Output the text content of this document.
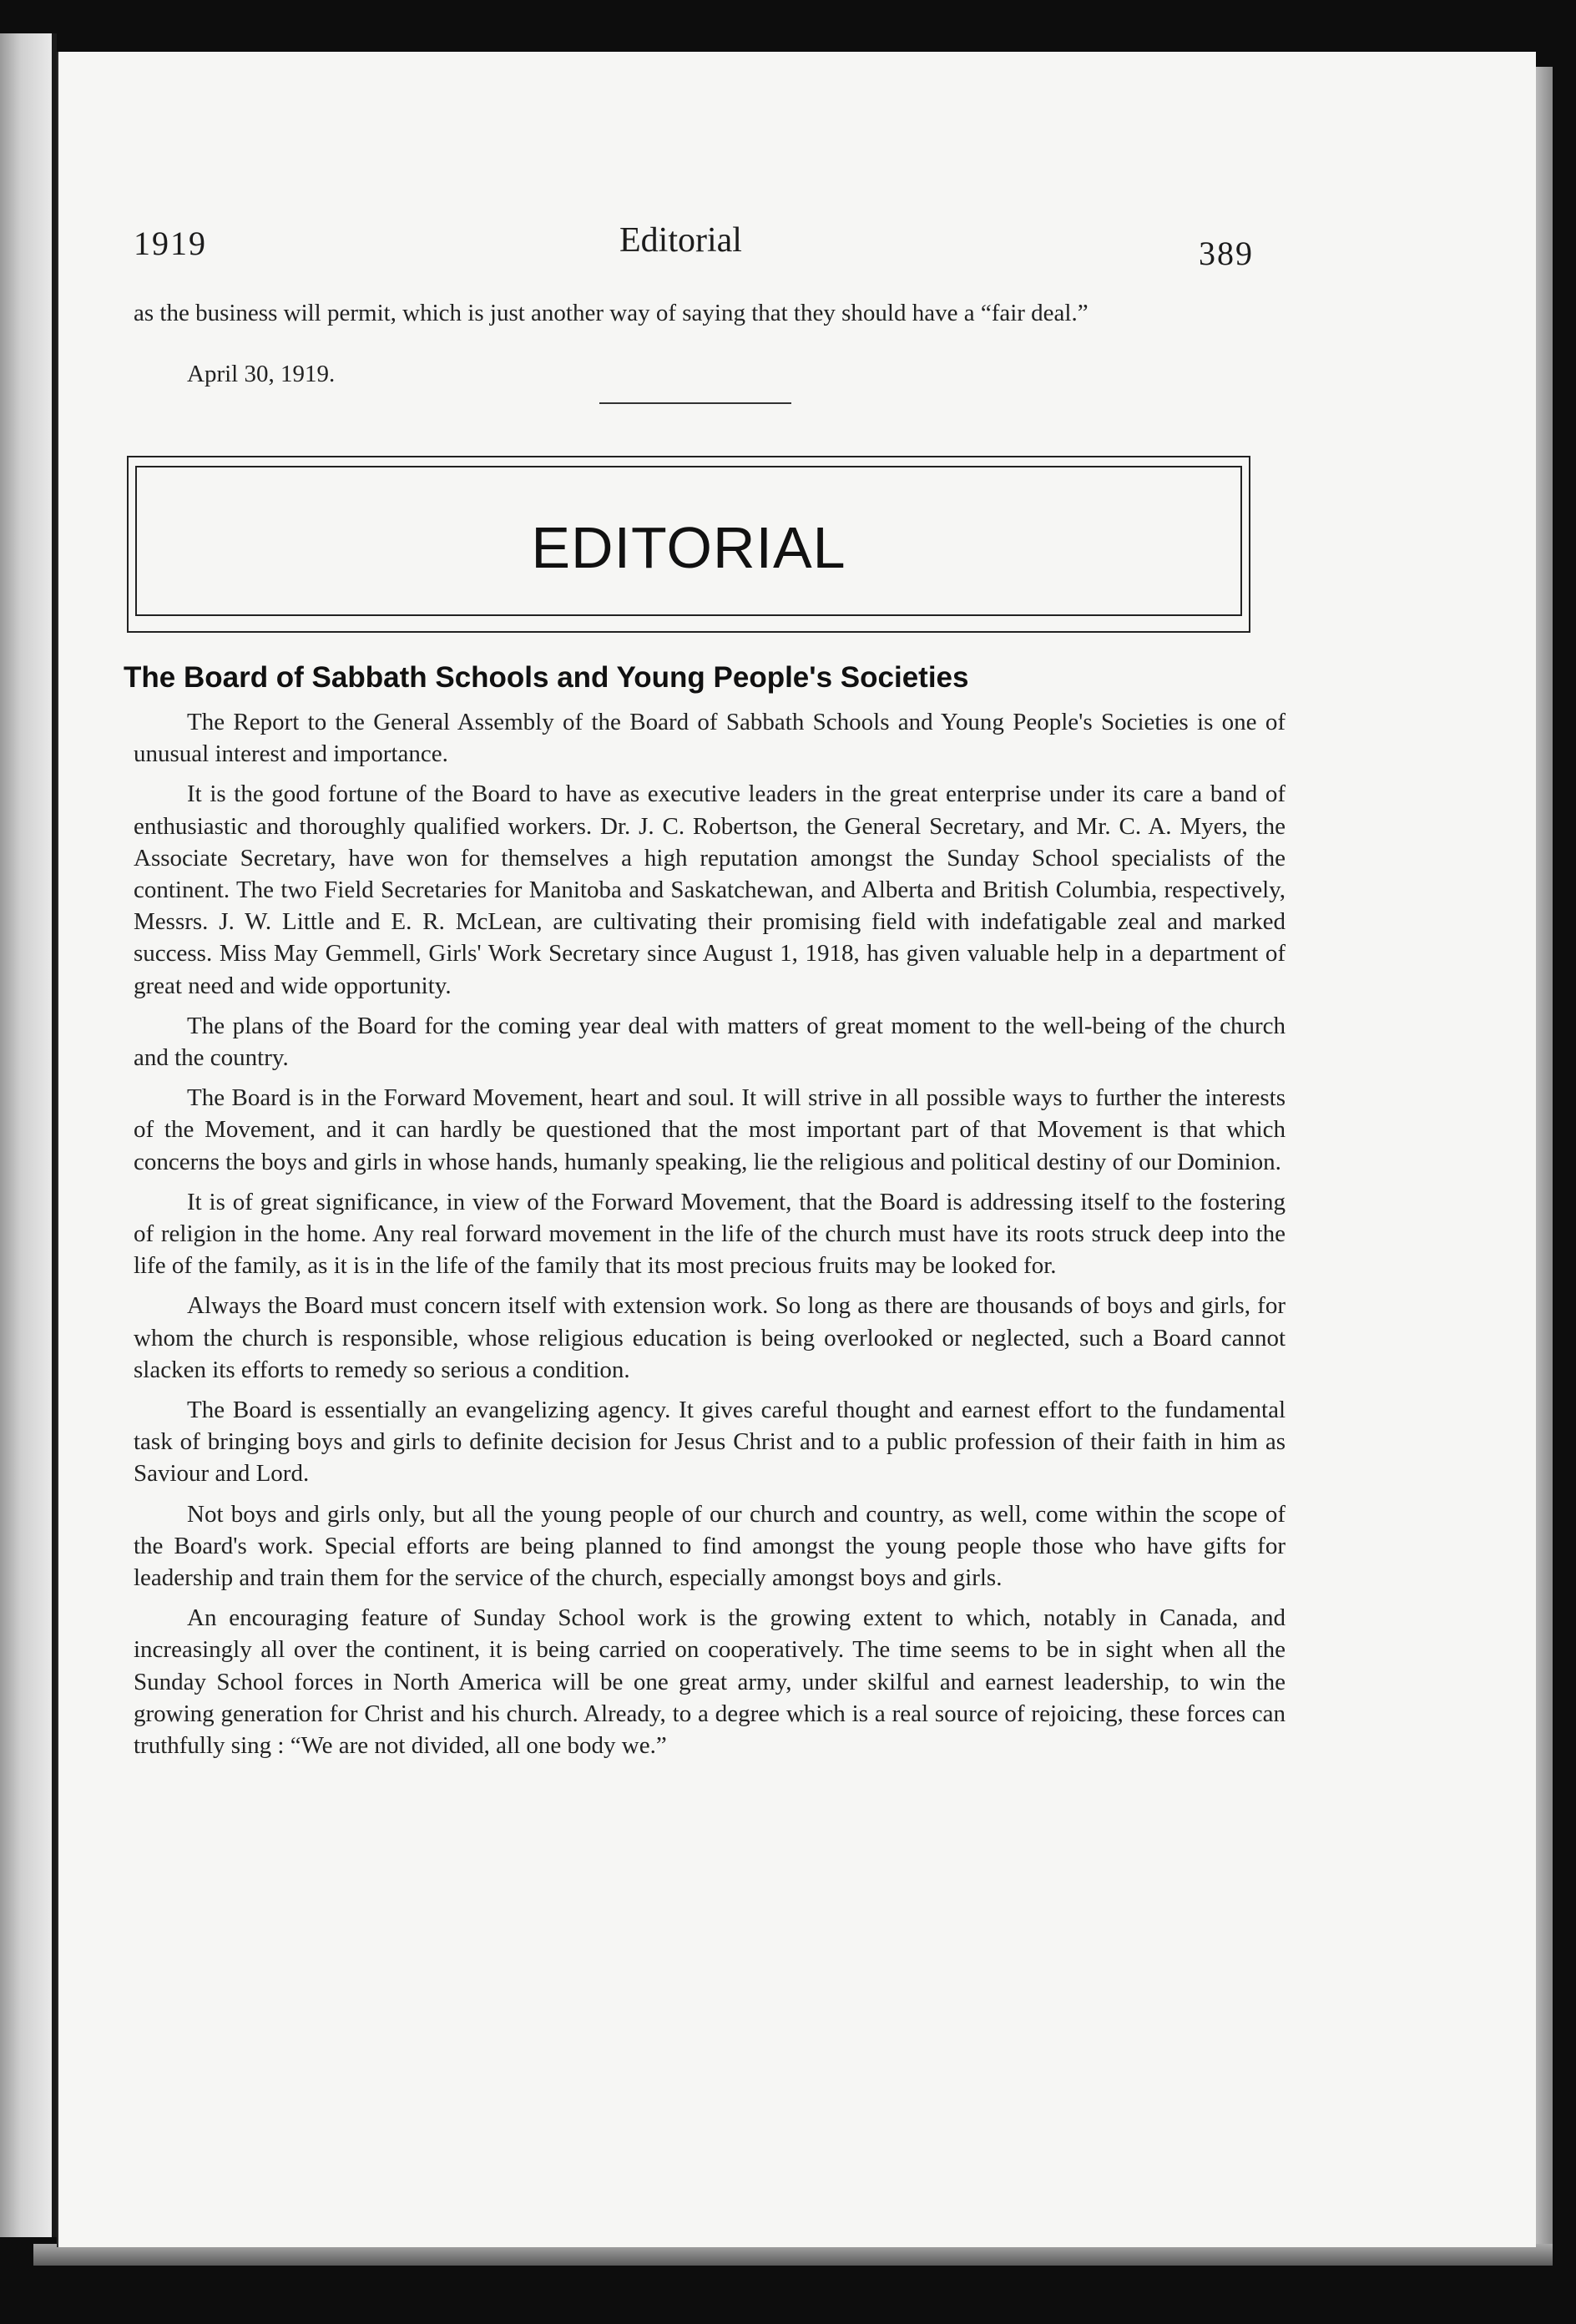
1919	Editorial	389
as the business will permit, which is just another way of saying that they should have a “fair deal.”
April 30, 1919.
EDITORIAL
The Board of Sabbath Schools and Young People's Societies

The Report to the General Assembly of the Board of Sabbath Schools and Young People's Societies is one of unusual interest and importance.

It is the good fortune of the Board to have as executive leaders in the great enterprise under its care a band of enthusiastic and thoroughly qualified workers. Dr. J. C. Robertson, the General Secretary, and Mr. C. A. Myers, the Associate Secretary, have won for themselves a high reputation amongst the Sunday School specialists of the continent. The two Field Secretaries for Manitoba and Saskatchewan, and Alberta and British Columbia, respectively, Messrs. J. W. Little and E. R. McLean, are cultivating their promising field with indefatigable zeal and marked success. Miss May Gemmell, Girls' Work Secretary since August 1, 1918, has given valuable help in a department of great need and wide opportunity.

The plans of the Board for the coming year deal with matters of great moment to the well-being of the church and the country.

The Board is in the Forward Movement, heart and soul. It will strive in all possible ways to further the interests of the Movement, and it can hardly be questioned that the most important part of that Movement is that which concerns the boys and girls in whose hands, humanly speaking, lie the religious and political destiny of our Dominion.

It is of great significance, in view of the Forward Movement, that the Board is addressing itself to the fostering of religion in the home. Any real forward movement in the life of the church must have its roots struck deep into the life of the family, as it is in the life of the family that its most precious fruits may be looked for.

Always the Board must concern itself with extension work. So long as there are thousands of boys and girls, for whom the church is responsible, whose religious education is being overlooked or neglected, such a Board cannot slacken its efforts to remedy so serious a condition.

The Board is essentially an evangelizing agency. It gives careful thought and earnest effort to the fundamental task of bringing boys and girls to definite decision for Jesus Christ and to a public profession of their faith in him as Saviour and Lord.

Not boys and girls only, but all the young people of our church and country, as well, come within the scope of the Board's work. Special efforts are being planned to find amongst the young people those who have gifts for leadership and train them for the service of the church, especially amongst boys and girls.

An encouraging feature of Sunday School work is the growing extent to which, notably in Canada, and increasingly all over the continent, it is being carried on cooperatively. The time seems to be in sight when all the Sunday School forces in North America will be one great army, under skilful and earnest leadership, to win the growing generation for Christ and his church. Already, to a degree which is a real source of rejoicing, these forces can truthfully sing : “We are not divided, all one body we.”
